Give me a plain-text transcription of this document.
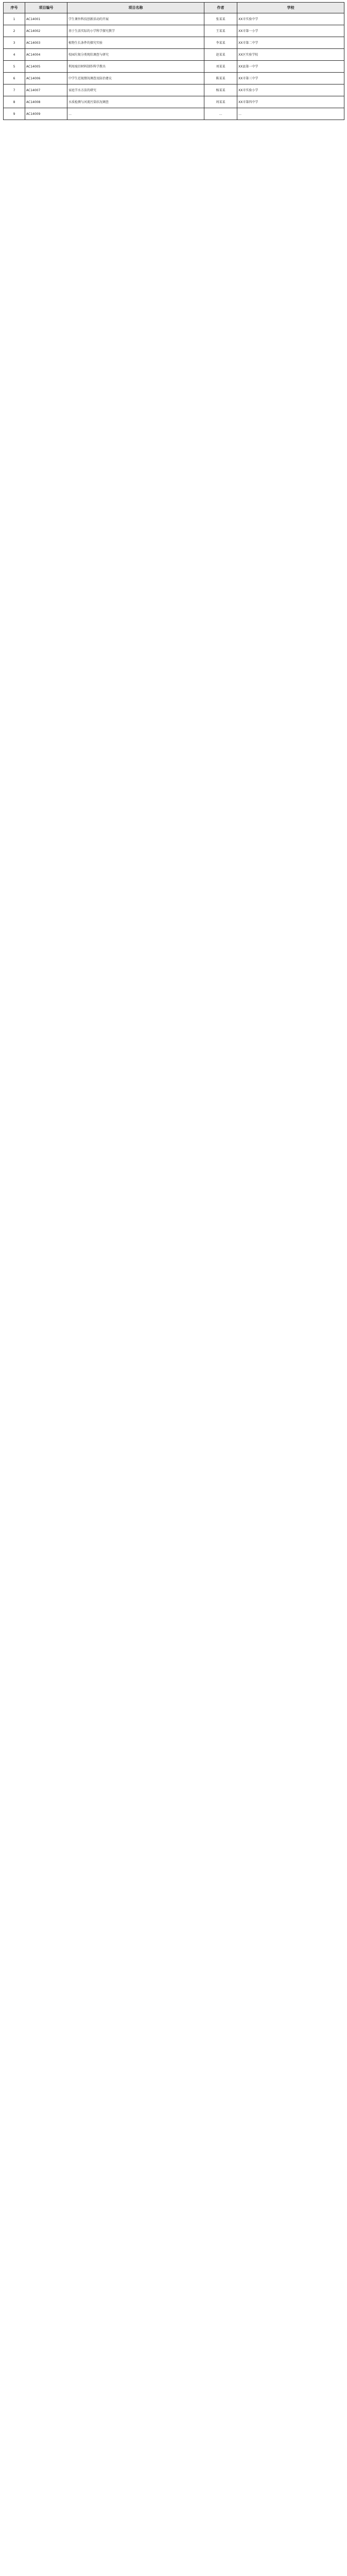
序号	项目编号	项目名称	作者	学校
1	AC14001	学生课外科技创新活动的开展	张某某	XX市实验中学
2	AC14002	基于生活实际的小学科学探究教学	王某某	XX市第一小学
3	AC14003	植物生长条件的探究实验	李某某	XX市第二中学
4	AC14004	校园垃圾分类现状调查与研究	赵某某	XX区实验学校
5	AC14005	利用废旧材料制作科学教具	刘某某	XX县第一中学
6	AC14006	中学生近视情况调查及防治建议	陈某某	XX市第三中学
7	AC14007	家庭节水方法的研究	杨某某	XX市实验小学
8	AC14008	水质检测与河流污染状况调查	周某某	XX市第四中学
9	AC14009	…	…	…
